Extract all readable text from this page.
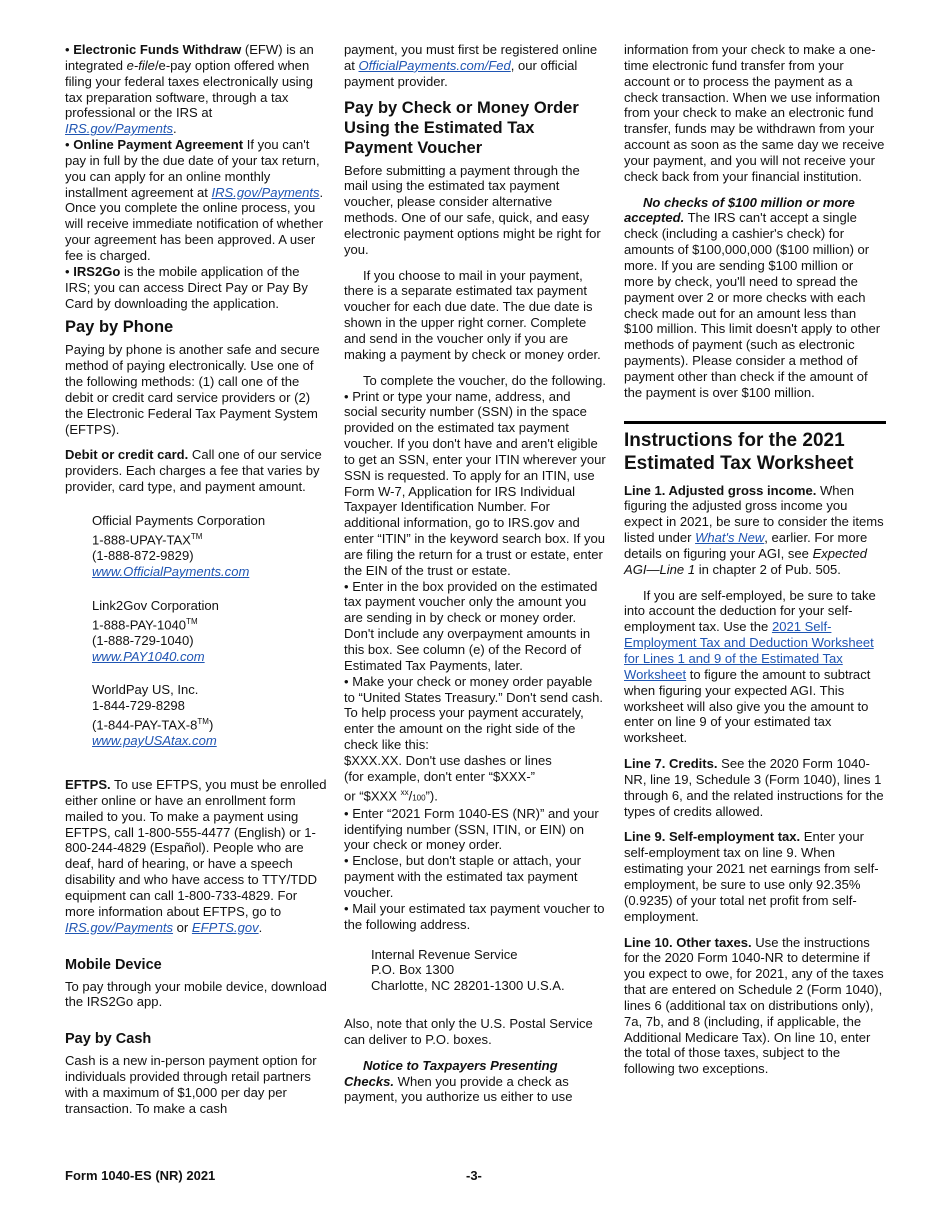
• Electronic Funds Withdraw (EFW) is an integrated e-file/e-pay option offered when filing your federal taxes electronically using tax preparation software, through a tax professional or the IRS at IRS.gov/Payments.

• Online Payment Agreement If you can't pay in full by the due date of your tax return, you can apply for an online monthly installment agreement at IRS.gov/Payments. Once you complete the online process, you will receive immediate notification of whether your agreement has been approved. A user fee is charged.

• IRS2Go is the mobile application of the IRS; you can access Direct Pay or Pay By Card by downloading the application.

Pay by Phone

Paying by phone is another safe and secure method of paying electronically. Use one of the following methods: (1) call one of the debit or credit card service providers or (2) the Electronic Federal Tax Payment System (EFTPS).

Debit or credit card. Call one of our service providers. Each charges a fee that varies by provider, card type, and payment amount.

Official Payments Corporation
1-888-UPAY-TAX™
(1-888-872-9829)
www.OfficialPayments.com
Link2Gov Corporation
1-888-PAY-1040™
(1-888-729-1040)
www.PAY1040.com
WorldPay US, Inc.
1-844-729-8298
(1-844-PAY-TAX-8™)
www.payUSAtax.com

EFTPS. To use EFTPS, you must be enrolled either online or have an enrollment form mailed to you. To make a payment using EFTPS, call 1-800-555-4477 (English) or 1-800-244-4829 (Español). People who are deaf, hard of hearing, or have a speech disability and who have access to TTY/TDD equipment can call 1-800-733-4829. For more information about EFTPS, go to IRS.gov/Payments or EFPTS.gov.

Mobile Device

To pay through your mobile device, download the IRS2Go app.

Pay by Cash

Cash is a new in-person payment option for individuals provided through retail partners with a maximum of $1,000 per day per transaction. To make a cash

payment, you must first be registered online at OfficialPayments.com/Fed, our official payment provider.

Pay by Check or Money Order Using the Estimated Tax Payment Voucher

Before submitting a payment through the mail using the estimated tax payment voucher, please consider alternative methods. One of our safe, quick, and easy electronic payment options might be right for you.

If you choose to mail in your payment, there is a separate estimated tax payment voucher for each due date. The due date is shown in the upper right corner. Complete and send in the voucher only if you are making a payment by check or money order.

To complete the voucher, do the following.

• Print or type your name, address, and social security number (SSN) in the space provided on the estimated tax payment voucher. If you don't have and aren't eligible to get an SSN, enter your ITIN wherever your SSN is requested. To apply for an ITIN, use Form W-7, Application for IRS Individual Taxpayer Identification Number. For additional information, go to IRS.gov and enter “ITIN” in the keyword search box. If you are filing the return for a trust or estate, enter the EIN of the trust or estate.

• Enter in the box provided on the estimated tax payment voucher only the amount you are sending in by check or money order. Don't include any overpayment amounts in this box. See column (e) of the Record of Estimated Tax Payments, later.

• Make your check or money order payable to “United States Treasury.” Don't send cash. To help process your payment accurately, enter the amount on the right side of the check like this:
$XXX.XX. Don't use dashes or lines
(for example, don't enter “$XXX-”
or “$XXX $^{xx}$/100”).

• Enter “2021 Form 1040-ES (NR)” and your identifying number (SSN, ITIN, or EIN) on your check or money order.

• Enclose, but don't staple or attach, your payment with the estimated tax payment voucher.

• Mail your estimated tax payment voucher to the following address.

Internal Revenue Service
P.O. Box 1300
Charlotte, NC 28201-1300 U.S.A.

Also, note that only the U.S. Postal Service can deliver to P.O. boxes.

Notice to Taxpayers Presenting Checks. When you provide a check as payment, you authorize us either to use

information from your check to make a one-time electronic fund transfer from your account or to process the payment as a check transaction. When we use information from your check to make an electronic fund transfer, funds may be withdrawn from your account as soon as the same day we receive your payment, and you will not receive your check back from your financial institution.

No checks of $100 million or more accepted. The IRS can't accept a single check (including a cashier's check) for amounts of $100,000,000 ($100 million) or more. If you are sending $100 million or more by check, you'll need to spread the payment over 2 or more checks with each check made out for an amount less than $100 million. This limit doesn't apply to other methods of payment (such as electronic payments). Please consider a method of payment other than check if the amount of the payment is over $100 million.

Instructions for the 2021 Estimated Tax Worksheet

Line 1. Adjusted gross income. When figuring the adjusted gross income you expect in 2021, be sure to consider the items listed under What's New, earlier. For more details on figuring your AGI, see Expected AGI—Line 1 in chapter 2 of Pub. 505.

If you are self-employed, be sure to take into account the deduction for your self-employment tax. Use the 2021 Self-Employment Tax and Deduction Worksheet for Lines 1 and 9 of the Estimated Tax Worksheet to figure the amount to subtract when figuring your expected AGI. This worksheet will also give you the amount to enter on line 9 of your estimated tax worksheet.

Line 7. Credits. See the 2020 Form 1040-NR, line 19, Schedule 3 (Form 1040), lines 1 through 6, and the related instructions for the types of credits allowed.

Line 9. Self-employment tax. Enter your self-employment tax on line 9. When estimating your 2021 net earnings from self-employment, be sure to use only 92.35% (0.9235) of your total net profit from self-employment.

Line 10. Other taxes. Use the instructions for the 2020 Form 1040-NR to determine if you expect to owe, for 2021, any of the taxes that are entered on Schedule 2 (Form 1040), lines 6 (additional tax on distributions only), 7a, 7b, and 8 (including, if applicable, the Additional Medicare Tax). On line 10, enter the total of those taxes, subject to the following two exceptions.

Form 1040-ES (NR) 2021	-3-
